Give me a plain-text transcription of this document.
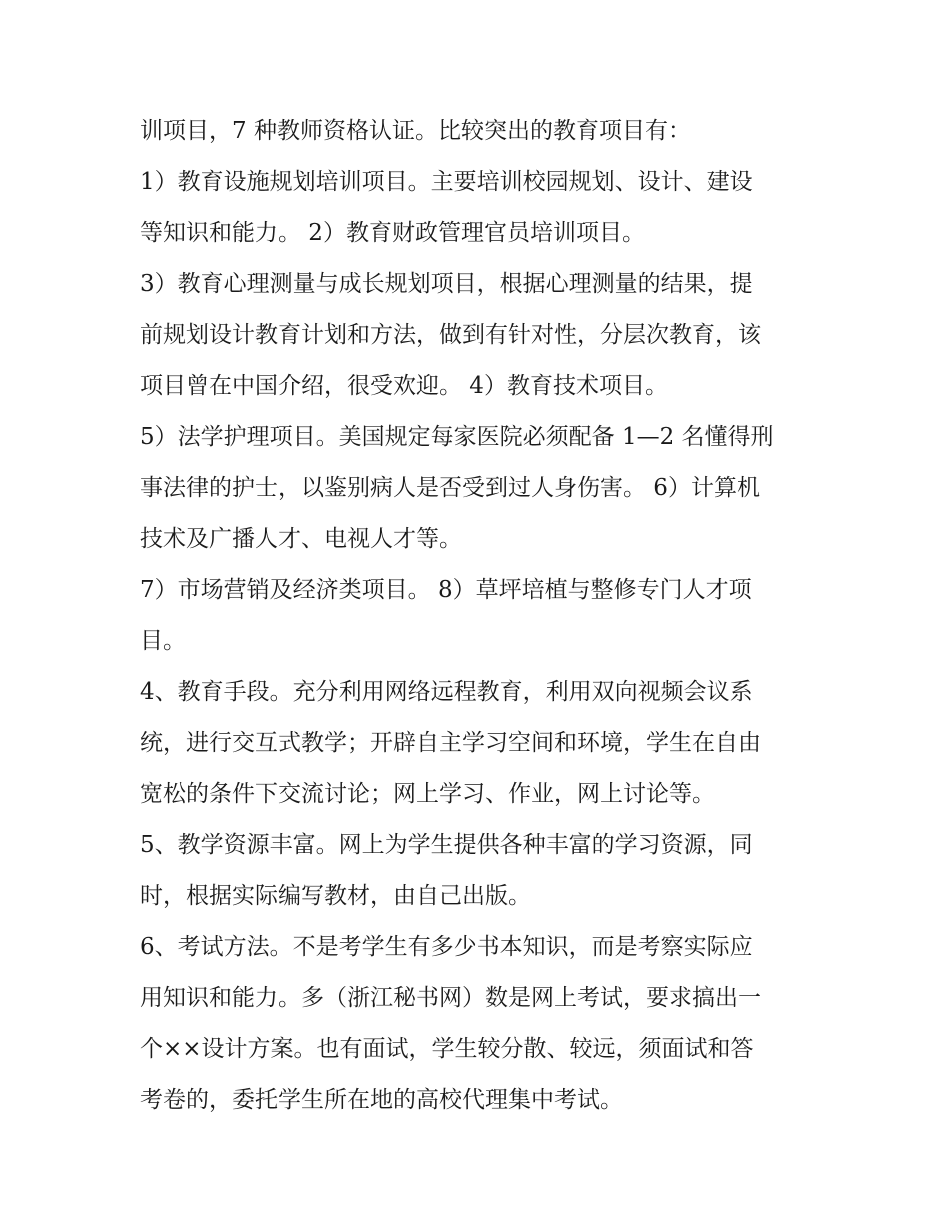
训项目，7 种教师资格认证。比较突出的教育项目有：
1）教育设施规划培训项目。主要培训校园规划、设计、建设
等知识和能力。 2）教育财政管理官员培训项目。
3）教育心理测量与成长规划项目，根据心理测量的结果，提
前规划设计教育计划和方法，做到有针对性，分层次教育，该
项目曾在中国介绍，很受欢迎。 4）教育技术项目。
5）法学护理项目。美国规定每家医院必须配备 1—2 名懂得刑
事法律的护士，以鉴别病人是否受到过人身伤害。 6）计算机
技术及广播人才、电视人才等。
7）市场营销及经济类项目。 8）草坪培植与整修专门人才项
目。
4、教育手段。充分利用网络远程教育，利用双向视频会议系
统，进行交互式教学；开辟自主学习空间和环境，学生在自由
宽松的条件下交流讨论；网上学习、作业，网上讨论等。
5、教学资源丰富。网上为学生提供各种丰富的学习资源，同
时，根据实际编写教材，由自己出版。
6、考试方法。不是考学生有多少书本知识，而是考察实际应
用知识和能力。多（浙江秘书网）数是网上考试，要求搞出一
个××设计方案。也有面试，学生较分散、较远，须面试和答
考卷的，委托学生所在地的高校代理集中考试。
